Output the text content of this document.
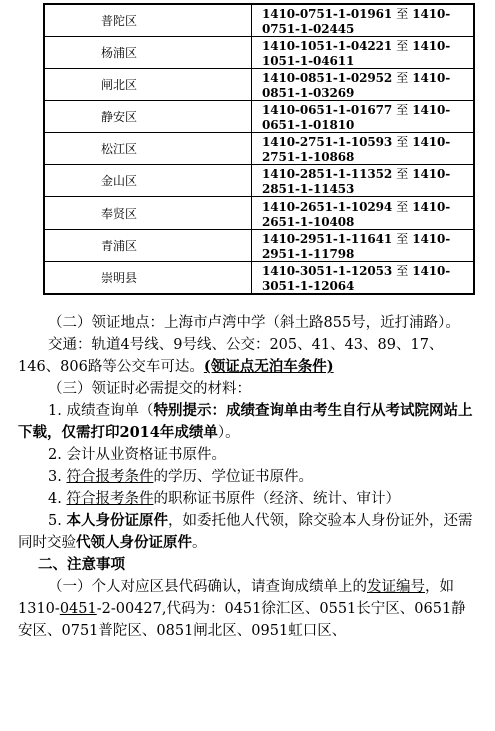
普陀区	1410-0751-1-01961 至 1410-0751-1-02445
杨浦区	1410-1051-1-04221 至 1410-1051-1-04611
闸北区	1410-0851-1-02952 至 1410-0851-1-03269
静安区	1410-0651-1-01677 至 1410-0651-1-01810
松江区	1410-2751-1-10593 至 1410-2751-1-10868
金山区	1410-2851-1-11352 至 1410-2851-1-11453
奉贤区	1410-2651-1-10294 至 1410-2651-1-10408
青浦区	1410-2951-1-11641 至 1410-2951-1-11798
崇明县	1410-3051-1-12053 至 1410-3051-1-12064

（二）领证地点：上海市卢湾中学（斜土路855号，近打浦路）。

交通：轨道4号线、9号线、公交：205、41、43、89、17、146、806路等公交车可达。(领证点无泊车条件)

（三）领证时必需提交的材料：

1. 成绩查询单（特别提示：成绩查询单由考生自行从考试院网站上下载，仅需打印2014年成绩单）。

2. 会计从业资格证书原件。

3. 符合报考条件的学历、学位证书原件。

4. 符合报考条件的职称证书原件（经济、统计、审计）

5. 本人身份证原件，如委托他人代领，除交验本人身份证外，还需同时交验代领人身份证原件。

二、注意事项

（一）个人对应区县代码确认，请查询成绩单上的发证编号，如1310-0451-2-00427,代码为：0451徐汇区、0551长宁区、0651静安区、0751普陀区、0851闸北区、0951虹口区、
